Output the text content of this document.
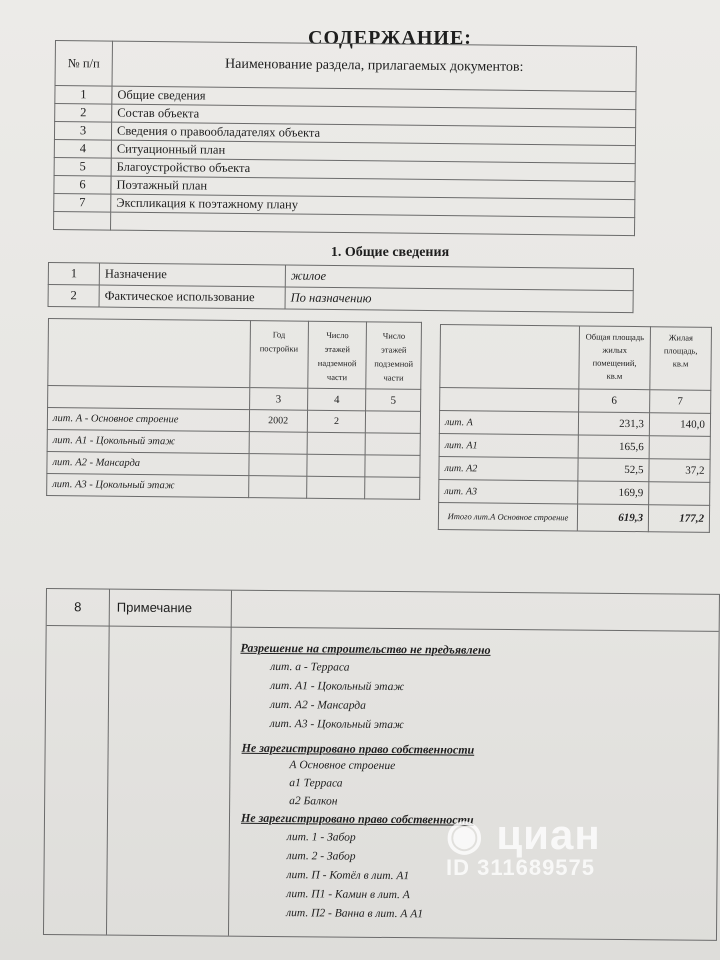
СОДЕРЖАНИЕ:
№ п/п	Наименование раздела, прилагаемых документов:
1	Общие сведения
2	Состав объекта
3	Сведения о правообладателях объекта
4	Ситуационный план
5	Благоустройство объекта
6	Поэтажный план
7	Экспликация к поэтажному плану

1. Общие сведения
1	Назначение	жилое
2	Фактическое использование	По назначению
	Год постройки	Число этажей надземной части	Число этажей подземной части
	3	4	5
лит. А - Основное строение	2002	2	
лит. А1 - Цокольный этаж			
лит. А2 - Мансарда			
лит. А3 - Цокольный этаж			
	Общая площадь жилых помещений, кв.м	Жилая площадь, кв.м
	6	7
лит. А	231,3	140,0
лит. А1	165,6	
лит. А2	52,5	37,2
лит. А3	169,9	
Итого лит.А Основное строение	619,3	177,2
8	Примечание
Разрешение на строительство не предъявлено
лит. а - Терраса
лит. А1 - Цокольный этаж
лит. А2 - Мансарда
лит. А3 - Цокольный этаж
Не зарегистрировано право собственности
А Основное строение
а1 Терраса
а2 Балкон
Не зарегистрировано право собственности
лит. 1 - Забор
лит. 2 - Забор
лит. П - Котёл в лит. А1
лит. П1 - Камин в лит. А
лит. П2 - Ванна в лит. А А1
◉ циан
ID 311689575
